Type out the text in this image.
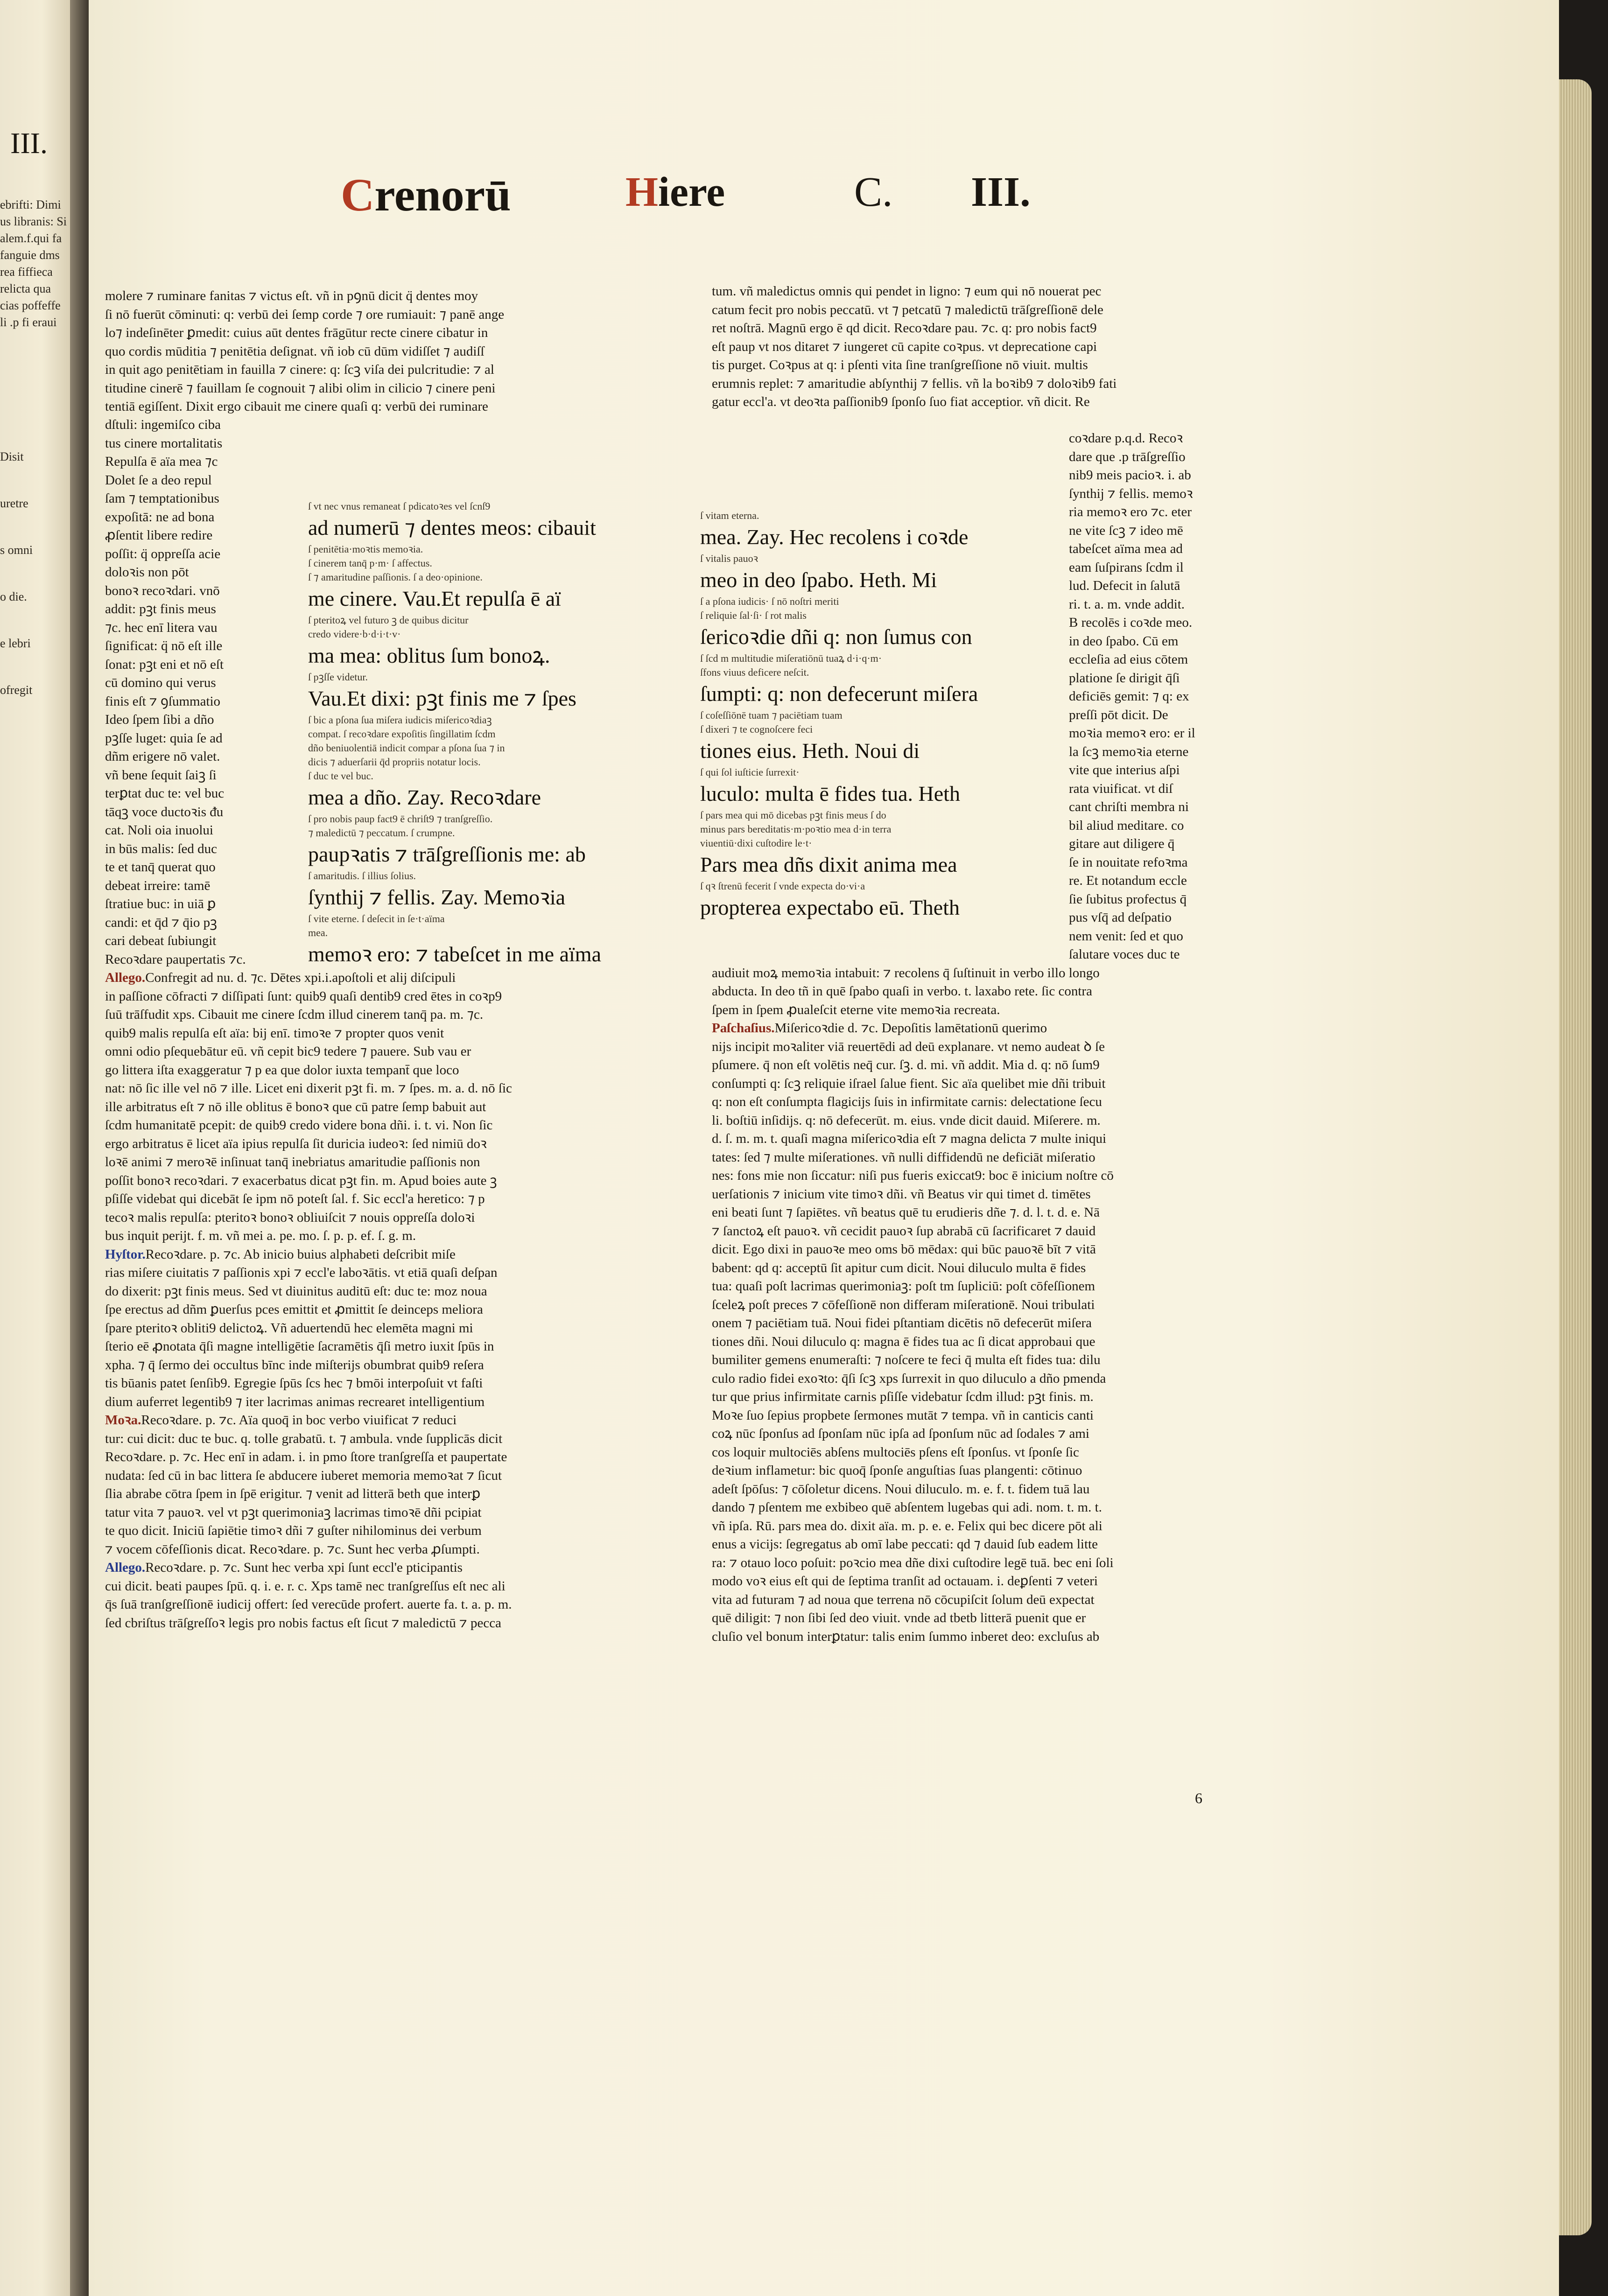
III.
ebrifti: Dimi
us libranis: Si
alem.f.qui fa
fanguie dms
rea fiffieca
relicta qua
cias poffeffe
li .p fi eraui
Disit
uretre
s omni
o die.
e lebri
ofregit
Crenorū	Hiere	C. III.
molere ⁊ ruminare fanitas ⁊ victus eſt. vñ in pꝯnū dicit q̈ dentes moy
ſi nō fuerūt cōminuti: q: verbū dei ſemp corde ⁊ ore rumiauit: ⁊ panē ange
lo⁊ indeſinēter ꝑmedit: cuius aūt dentes frāgūtur recte cinere cibatur in
quo cordis mūditia ⁊ penitētia deſignat. vñ iob cū dūm vidiſſet ⁊ audiſſ
in quit ago penitētiam in fauilla ⁊ cinere: q: ſcꝫ viſa dei pulcritudie: ⁊ al
titudine cinerē ⁊ fauillam ſe cognouit ⁊ alibi olim in cilicio ⁊ cinere peni
tentiā egiſſent. Dixit ergo cibauit me cinere quaſi q: verbū dei ruminare
dſtuli: ingemiſco ciba
tus cinere mortalitatis
Repulſa ē aïa mea ⁊c
Dolet ſe a deo repul
ſam ⁊ temptationibus
expoſitā: ne ad bona
ꝓſentit libere redire
poſſit: q̈ oppreſſa acie
doloꝛis non pōt
bonoꝛ recoꝛdari. vnō
addit: pꝫt finis meus
⁊c. hec enī litera vau
ſignificat: q̈ nō eſt ille
ſonat: pꝫt eni et nō eſt
cū domino qui verus
finis eſt ⁊ ꝯſummatio
Ideo ſpem ſibi a dño
pꝫſſe luget: quia ſe ad
dñm erigere nō valet.
vñ bene ſequit ſaiꝫ ſi
terꝑtat duc te: vel buc
tāqꝫ voce ductoꝛis ᵭu
cat. Noli oia inuolui
in būs malis: ſed duc
te et tanq̄ querat quo
debeat irreire: tamē
ſtratiue buc: in uiā ꝑ
candi: et q̄d ⁊ q̄io pꝫ
cari debeat ſubiungit
ſ vt nec vnus remaneat ſ pdicatoꝛes vel ſcnſ9
ad numerū ⁊ dentes meos: cibauit
ſ penitētia·moꝛtis memoꝛia.
ſ cinerem tanq̄ p·m· ſ affectus.
ſ ⁊ amaritudine paſſionis. ſ a deo·opinione.
me cinere. Vau.Et repulſa ē aï
ſ pteritoꝝ vel futuro ꝫ de quibus dicitur
credo videre·b·d·i·t·v·
ma mea: oblitus ſum bonoꝝ.
ſ pꝫſſe videtur.
Vau.Et dixi: pꝫt finis me ⁊ ſpes
ſ bic a pſona ſua miſera iudicis miſericoꝛdiaꝫ
compat. ſ recoꝛdare expoſitis ſingillatim ſcdm
dño beniuolentiā indicit compar a pſona ſua ⁊ in
dicis ⁊ aduerſarii q̄d propriis notatur locis.
ſ duc te vel buc.
mea a dño. Zay. Recoꝛdare
ſ pro nobis paup fact9 ē chriſt9 ⁊ tranſgreſſio.
⁊ maledictū ⁊ peccatum. ſ crumpne.
paupꝛatis ⁊ trāſgreſſionis me: ab
ſ amaritudis. ſ illius ſolius.
ſynthij ⁊ fellis. Zay. Memoꝛia
ſ vite eterne. ſ deſecit in ſe·t·aïma
mea.
memoꝛ ero: ⁊ tabeſcet in me aïma
ſ vitam eterna.
mea. Zay. Hec recolens i coꝛde
ſ vitalis pauoꝛ
meo in deo ſpabo. Heth. Mi
ſ a pſona iudicis· ſ nō noſtri meriti
ſ reliquie ſal·ſi· ſ rot malis
ſericoꝛdie dñi q: non ſumus con
ſ ſcd m multitudie miſeratiōnū tuaꝝ d·i·q·m·
ſfons viuus deficere neſcit.
ſumpti: q: non defecerunt miſera
ſ coſeſſiōnē tuam ⁊ paciētiam tuam
ſ dixeri ⁊ te cognoſcere feci
tiones eius. Heth. Noui di
ſ qui ſol iuſticie ſurrexit·
luculo: multa ē fides tua. Heth
ſ pars mea qui mō dicebas pꝫt finis meus ſ do
minus pars bereditatis·m·poꝛtio mea d·in terra
viuentiū·dixi cuſtodire le·t·
Pars mea dñs dixit anima mea
ſ qꝛ ſtrenū fecerit ſ vnde expecta do·vi·a
propterea expectabo eū. Theth
Recoꝛdare paupertatis ⁊c.
Allego.Confregit ad nu. d. ⁊c. Dētes xpi.i.apoſtoli et alij diſcipuli
in paſſione cōfracti ⁊ diſſipati ſunt: quib9 quaſi dentib9 cred ētes in coꝛp9
ſuū trāſfudit xps. Cibauit me cinere ſcdm illud cinerem tanq̄ pa. m. ⁊c.
quib9 malis repulſa eſt aïa: bij enī. timoꝛe ⁊ propter quos venit
omni odio pſequebātur eū. vñ cepit bic9 tedere ⁊ pauere. Sub vau er
go littera iſta exaggeratur ⁊ p ea que dolor iuxta tempant̄ que loco
nat: nō ſic ille vel nō ⁊ ille. Licet eni dixerit pꝫt fi. m. ⁊ ſpes. m. a. d. nō ſic
ille arbitratus eſt ⁊ nō ille oblitus ē bonoꝛ que cū patre ſemp babuit aut
ſcdm humanitatē pcepit: de quib9 credo videre bona dñi. i. t. vi. Non ſic
ergo arbitratus ē licet aïa ipius repulſa ſit duricia iudeoꝛ: ſed nimiū doꝛ
loꝛē animi ⁊ meroꝛē inſinuat tanq̄ inebriatus amaritudie paſſionis non
poſſit bonoꝛ recoꝛdari. ⁊ exacerbatus dicat pꝫt fin. m. Apud boies aute ꝫ
pſiſſe videbat qui dicebāt ſe ipm nō poteſt ſal. f. Sic eccl'a heretico: ⁊ p
tecoꝛ malis repulſa: pteritoꝛ bonoꝛ obliuiſcit ⁊ nouis oppreſſa doloꝛi
bus inquit perijt. f. m. vñ mei a. pe. mo. ſ. p. p. ef. ſ. g. m.
Hyſtor.Recoꝛdare. p. ⁊c. Ab inicio buius alphabeti deſcribit miſe
rias miſere ciuitatis ⁊ paſſionis xpi ⁊ eccl'e laboꝛātis. vt etiā quaſi deſpan
do dixerit: pꝫt finis meus. Sed vt diuinitus auditū eſt: duc te: moz noua
ſpe erectus ad dñm ꝑuerſus pces emittit et ꝓmittit ſe deinceps meliora
ſpare pteritoꝛ obliti9 delictoꝝ. Vñ aduertendū hec elemēta magni mi
ſterio eē ꝓnotata q̄ſi magne intelligētie ſacramētis q̄ſi metro iuxit ſpūs in
xpha. ⁊ q̄ ſermo dei occultus bīnc inde miſterijs obumbrat quib9 reſera
tis būanis patet ſenſib9. Egregie ſpūs ſcs hec ⁊ bmōi interpoſuit vt faſti
dium auferret legentib9 ⁊ iter lacrimas animas recrearet intelligentium
Moꝛa.Recoꝛdare. p. ⁊c. Aïa quoq̄ in boc verbo viuificat ⁊ reduci
tur: cui dicit: duc te buc. q. tolle grabatū. t. ⁊ ambula. vnde ſupplicās dicit
Recoꝛdare. p. ⁊c. Hec enī in adam. i. in pmo ſtore tranſgreſſa et paupertate
nudata: ſed cū in bac littera ſe abducere iuberet memoria memoꝛat ⁊ ſicut
ſlia abrabe cōtra ſpem in ſpē erigitur. ⁊ venit ad litterā beth que interꝑ
tatur vita ⁊ pauoꝛ. vel vt pꝫt querimoniaꝫ lacrimas timoꝛē dñi pcipiat
te quo dicit. Iniciū ſapiētie timoꝛ dñi ⁊ guſter nihilominus dei verbum
⁊ vocem cōfeſſionis dicat. Recoꝛdare. p. ⁊c. Sunt hec verba ꝓſumpti.
Allego.Recoꝛdare. p. ⁊c. Sunt hec verba xpi ſunt eccl'e pticipantis
cui dicit. beati paupes ſpū. q. i. e. r. c. Xps tamē nec tranſgreſſus eſt nec ali
q̄s ſuā tranſgreſſionē iudicij offert: ſed verecūde profert. auerte fa. t. a. p. m.
ſed cbriſtus trāſgreſſoꝛ legis pro nobis factus eſt ſicut ⁊ maledictū ⁊ pecca
tum. vñ maledictus omnis qui pendet in ligno: ⁊ eum qui nō nouerat pec
catum fecit pro nobis peccatū. vt ⁊ petcatū ⁊ maledictū trāſgreſſionē dele
ret noſtrā. Magnū ergo ē qd dicit. Recoꝛdare pau. ⁊c. q: pro nobis fact9
eſt paup vt nos ditaret ⁊ iungeret cū capite coꝛpus. vt deprecatione capi
tis purget. Coꝛpus at q: i pſenti vita ſine tranſgreſſione nō viuit. multis
erumnis replet: ⁊ amaritudie abſynthij ⁊ fellis. vñ la boꝛib9 ⁊ doloꝛib9 fati
gatur eccl'a. vt deoꝛta paſſionib9 ſponſo ſuo fiat acceptior. vñ dicit. Re
coꝛdare p.q.d. Recoꝛ
dare que .p trāſgreſſio
nib9 meis pacioꝛ. i. ab
ſynthij ⁊ fellis. memoꝛ
ria memoꝛ ero ⁊c. eter
ne vite ſcꝫ ⁊ ideo mē
tabeſcet aïma mea ad
eam ſuſpirans ſcdm il
lud. Defecit in ſalutā
ri. t. a. m. vnde addit.
B recolēs i coꝛde meo.
in deo ſpabo. Cū em
eccleſia ad eius cōtem
platione ſe dirigit q̄ſi
deficiēs gemit: ⁊ q: ex
preſſi pōt dicit. De
moꝛia memoꝛ ero: er il
la ſcꝫ memoꝛia eterne
vite que interius aſpi
rata viuificat. vt diſ
cant chriſti membra ni
bil aliud meditare. co
gitare aut diligere q̄
ſe in nouitate refoꝛma
re. Et notandum eccle
ſie ſubitus profectus q̄
pus vſq̄ ad deſpatio
nem venit: ſed et quo
ſalutare voces duc te
audiuit moꝝ memoꝛia intabuit: ⁊ recolens q̄ ſuſtinuit in verbo illo longo
abducta. In deo tñ in quē ſpabo quaſi in verbo. t. laxabo rete. ſic contra
ſpem in ſpem ꝓualeſcit eterne vite memoꝛia recreata.
Paſchaſius.Miſericoꝛdie d. ⁊c. Depoſitis lamētationū querimo
nijs incipit moꝛaliter viā reuertēdi ad deū explanare. vt nemo audeat ꝺ ſe
pſumere. q̄ non eſt volētis neq̄ cur. ſꝫ. d. mi. vñ addit. Mia d. q: nō ſum9
conſumpti q: ſcꝫ reliquie iſrael ſalue fient. Sic aïa quelibet mie dñi tribuit
q: non eſt conſumpta flagicijs ſuis in infirmitate carnis: delectatione ſecu
li. boſtiū inſidijs. q: nō defecerūt. m. eius. vnde dicit dauid. Miſerere. m.
d. ſ. m. m. t. quaſi magna miſericoꝛdia eſt ⁊ magna delicta ⁊ multe iniqui
tates: ſed ⁊ multe miſerationes. vñ nulli diffidendū ne deficiāt miſeratio
nes: fons mie non ſiccatur: niſi pus fueris exiccat9: boc ē inicium noſtre cō
uerſationis ⁊ inicium vite timoꝛ dñi. vñ Beatus vir qui timet d. timētes
eni beati ſunt ⁊ ſapiētes. vñ beatus quē tu erudieris dñe ⁊. d. l. t. d. e. Nā
⁊ ſanctoꝝ eſt pauoꝛ. vñ cecidit pauoꝛ ſup abrabā cū ſacrificaret ⁊ dauid
dicit. Ego dixi in pauoꝛe meo oms bō mēdax: qui būc pauoꝛē bīt ⁊ vitā
babent: qd q: acceptū ſit apitur cum dicit. Noui diluculo multa ē fides
tua: quaſi poſt lacrimas querimoniaꝫ: poſt tm ſupliciū: poſt cōfeſſionem
ſceleꝝ poſt preces ⁊ cōfeſſionē non differam miſerationē. Noui tribulati
onem ⁊ paciētiam tuā. Noui fidei pſtantiam dicētis nō defecerūt miſera
tiones dñi. Noui diluculo q: magna ē fides tua ac ſi dicat approbaui que
bumiliter gemens enumeraſti: ⁊ noſcere te feci q̄ multa eſt fides tua: dilu
culo radio fidei exoꝛto: q̄ſi ſcꝫ xps ſurrexit in quo diluculo a dño pmenda
tur que prius infirmitate carnis pſiſſe videbatur ſcdm illud: pꝫt finis. m.
Moꝛe ſuo ſepius propbete ſermones mutāt ⁊ tempa. vñ in canticis canti
coꝝ nūc ſponſus ad ſponſam nūc ipſa ad ſponſum nūc ad ſodales ⁊ ami
cos loquir multociēs abſens multociēs pſens eſt ſponſus. vt ſponſe ſic
deꝛium inflametur: bic quoq̄ ſponſe anguſtias ſuas plangenti: cōtinuo
adeſt ſpōſus: ⁊ cōſoletur dicens. Noui diluculo. m. e. f. t. fidem tuā lau
dando ⁊ pſentem me exbibeo quē abſentem lugebas qui adi. nom. t. m. t.
vñ ipſa. Rū. pars mea do. dixit aïa. m. p. e. e. Felix qui bec dicere pōt ali
enus a vicijs: ſegregatus ab omī labe peccati: qd ⁊ dauid ſub eadem litte
ra: ⁊ otauo loco poſuit: poꝛcio mea dñe dixi cuſtodire legē tuā. bec eni ſoli
modo voꝛ eius eſt qui de ſeptima tranſit ad octauam. i. deꝑſenti ⁊ veteri
vita ad futuram ⁊ ad noua que terrena nō cōcupiſcit ſolum deū expectat
quē diligit: ⁊ non ſibi ſed deo viuit. vnde ad tbetb litterā puenit que er
cluſio vel bonum interꝑtatur: talis enim ſummo inberet deo: excluſus ab
6
